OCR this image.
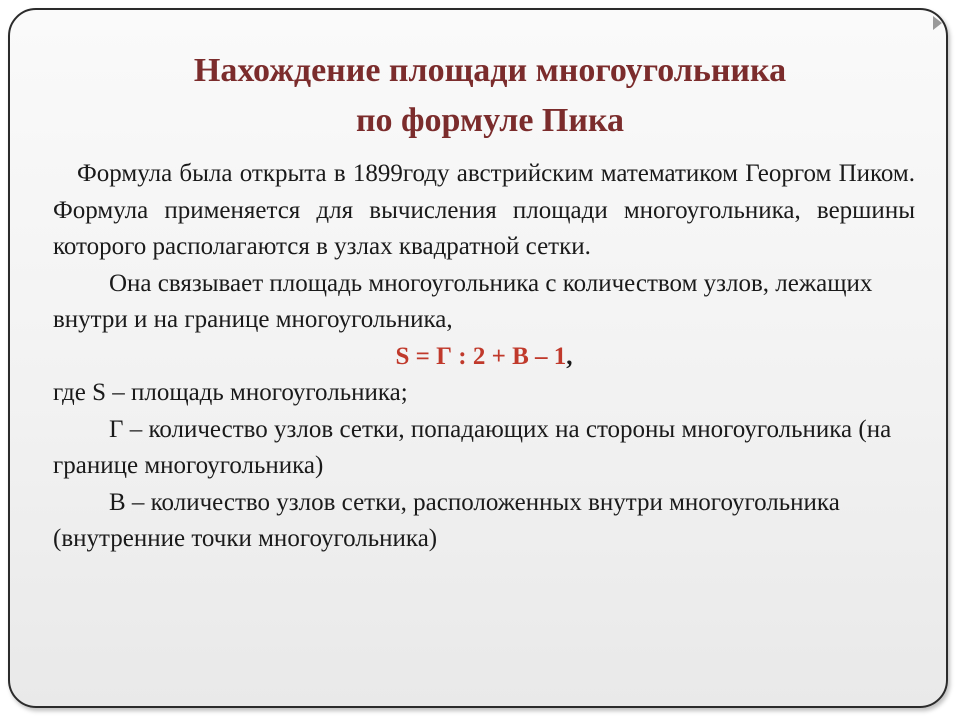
Нахождение площади многоугольника
по формуле Пика

Формула была открыта в 1899году австрийским математиком Георгом Пиком. Формула применяется для вычисления площади многоугольника, вершины которого располагаются в узлах квадратной сетки.

Она связывает площадь многоугольника с количеством узлов, лежащих внутри и на границе многоугольника,

S = Г : 2 + В – 1,

где S – площадь многоугольника;

Г – количество узлов сетки, попадающих на стороны многоугольника (на границе многоугольника)

В – количество узлов сетки, расположенных внутри многоугольника (внутренние точки многоугольника)
